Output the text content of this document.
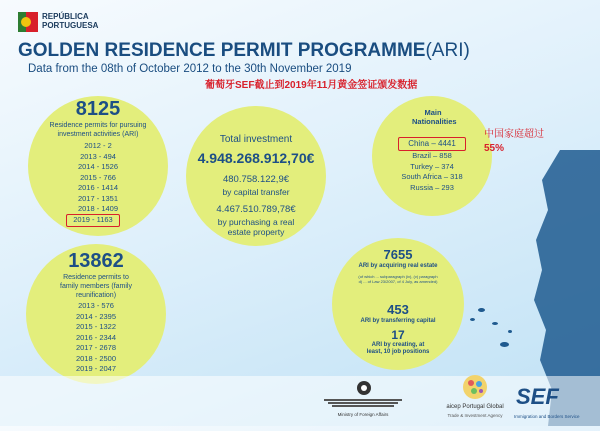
REPÚBLICA
PORTUGUESA
GOLDEN RESIDENCE PERMIT PROGRAMME(ARI)
Data from the 08th of October 2012 to the 30th November 2019
葡萄牙SEF截止到2019年11月黄金签证颁发数据
8125
Residence permits for pursuing investment activities (ARI)
2012 - 2
2013 - 494
2014 - 1526
2015 - 766
2016 - 1414
2017 - 1351
2018 - 1409
2019 - 1163
Total investment
4.948.268.912,70€
480.758.122,9€
by capital transfer
4.467.510.789,78€
by purchasing a real estate property
Main Nationalities
China – 4441
Brazil – 858
Turkey – 374
South Africa – 318
Russia – 293
中国家庭超过
55%
13862
Residence permits to family members (family reunification)
2013 - 576
2014 - 2395
2015 - 1322
2016 - 2344
2017 - 2678
2018 - 2500
2019 - 2047
7655
ARI by acquiring real estate
(of which ... subparagraph (iv), (v) paragraph d) ... of Law 23/2007, of 4 July, as amended)
453
ARI by transferring capital
17
ARI by creating, at least, 10 job positions
Ministry of Foreign Affairs
aicep Portugal Global
Trade & Investment Agency
SEF
Immigration and Borders Service
